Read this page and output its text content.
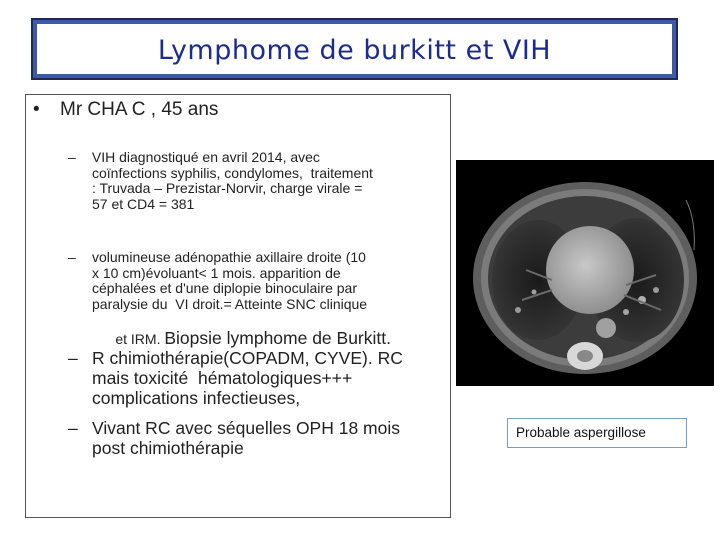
Lymphome de burkitt et VIH
• Mr CHA C , 45 ans
– VIH diagnostiqué en avril 2014, avec
coïnfections syphilis, condylomes,  traitement
: Truvada – Prezistar-Norvir, charge virale =
57 et CD4 = 381
– volumineuse adénopathie axillaire droite (10
x 10 cm)évoluant< 1 mois. apparition de
céphalées et d'une diplopie binoculaire par
paralysie du  VI droit.= Atteinte SNC clinique

et IRM. Biopsie lymphome de Burkitt.

– R chimiothérapie(COPADM, CYVE). RC
mais toxicité  hématologiques+++
complications infectieuses,
– Vivant RC avec séquelles OPH 18 mois
post chimiothérapie
Probable aspergillose
